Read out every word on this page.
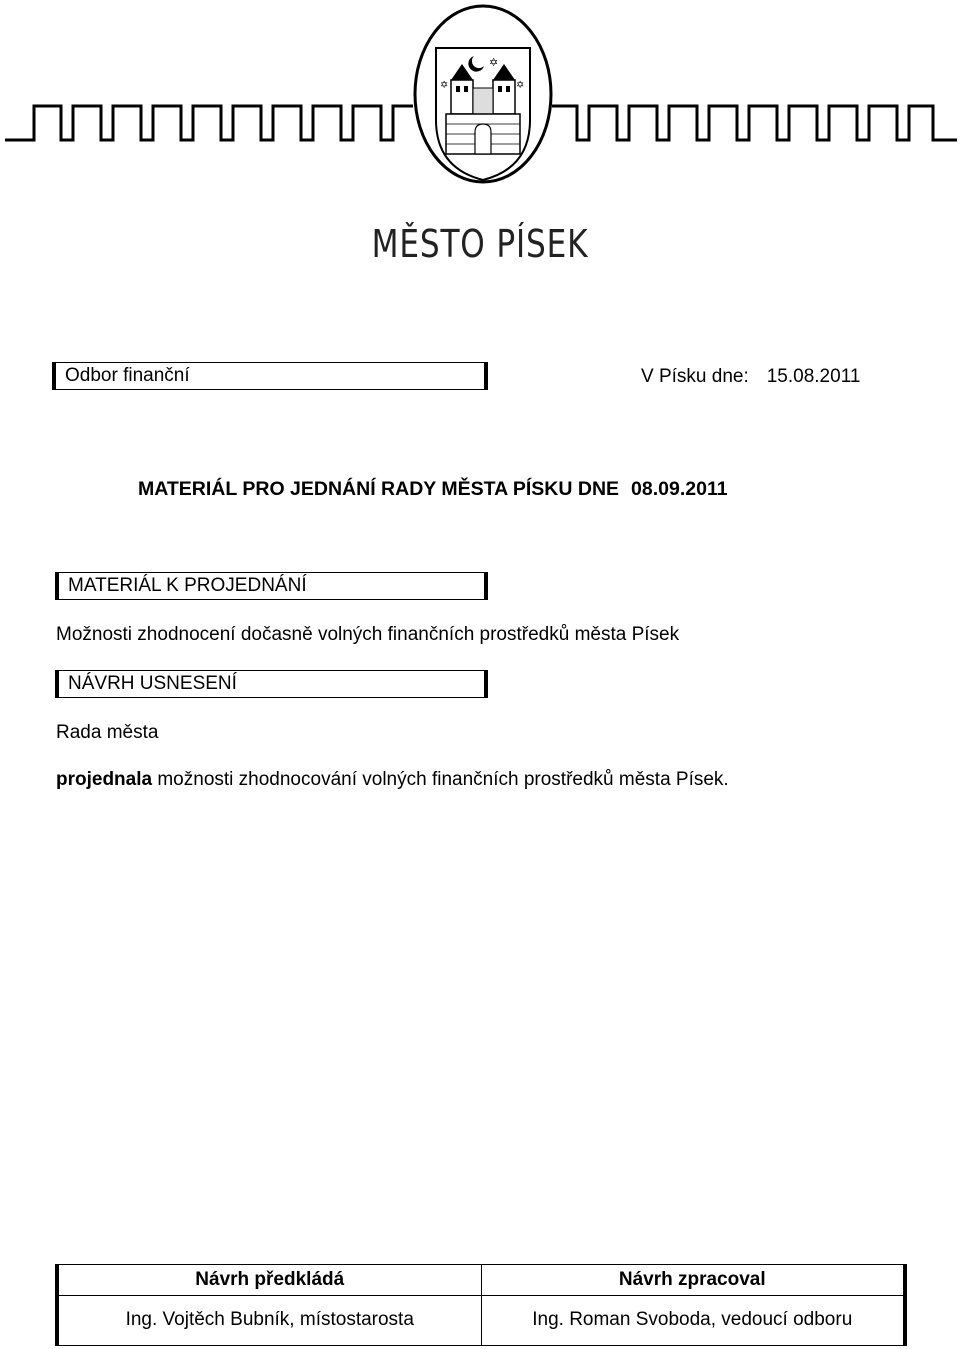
✡
✡	✡
MĚSTO PÍSEK
Odbor finanční	V Písku dne: 15.08.2011
MATERIÁL PRO JEDNÁNÍ RADY MĚSTA PÍSKU DNE 08.09.2011
MATERIÁL K PROJEDNÁNÍ
Možnosti zhodnocení dočasně volných finančních prostředků města Písek
NÁVRH USNESENÍ
Rada města
projednala možnosti zhodnocování volných finančních prostředků města Písek.
Návrh předkládá	Návrh zpracoval
Ing. Vojtěch Bubník, místostarosta	Ing. Roman Svoboda, vedoucí odboru
